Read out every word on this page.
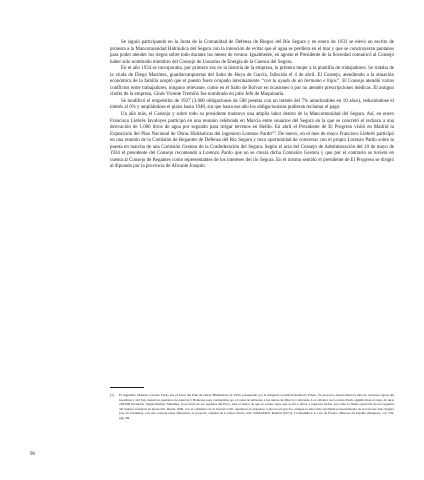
Se siguió participando en la Junta de la Comunidad de Defensa de Riegos del Río Segura y en enero de 1933 se elevó un escrito de protesta a la Mancomunidad Hidráulica del Segura con la intención de evitar que el agua se perdiera en el mar y que se construyeran pantanos para poder atender los riegos sobre todo durante los meses de verano. Igualmente, en agosto el Presidente de la Sociedad comunicó al Consejo haber sido nombrado miembro del Consejo de Usuarios de Energía de la Cuenca del Segura.

En el año 1934 se incorporaba, por primera vez en la historia de la empresa, la primera mujer a la plantilla de trabajadores. Se trataba de la viuda de Diego Martínez, guardacompuertas del Salto de Hoya de García, fallecido el 4 de abril. El Consejo, atendiendo a la situación económica de la familia aceptó que el puesto fuera ocupado interinamente “con la ayuda de un hermano e hijos”. El Consejo atendió varios conflictos entre trabajadores, ninguno relevante, como en el Salto de Bolvax en ocasiones o por no atender prescripciones médicas. El antiguo chofer de la empresa, Ginés Vicente Tremiño fue nombrado en julio Jefe de Maquinaria.

Se modificó el empréstito de 1927 (3.000 obligaciones de 500 pesetas con un interés del 7% amortizables en 10 años), reduciéndose el interés al 6% y ampliándose el plazo hasta 1948, sin que hasta ese año los obligacionistas pudieran reclamar el pago.

Un año más, el Consejo y sobre todo su presidente mantuvo una amplia labor dentro de la Mancomunidad del Segura. Así, en enero Francisco Llebrés Iavaloyes participó en una reunión celebrada en Murcia entre usuarios del Segura en la que se concretó el rechazo a una derivación de 1.000 litros de agua por segundo para irrigar terrenos en Hellín. En abril el Presidente de El Progreso visitó en Madrid la Exposición del Plan Nacional de Obras Hidráulicas del ingeniero Lorenzo Pardo$^{(1)}$. De nuevo, en el mes de mayo Francisco Llebrés participó en una reunión de la Comisión de Regantes de Defensa del Río Segura y tuvo oportunidad de conversar con el propio Lorenzo Pardo sobre la puesta en marcha de una Comisión Gestora de la Confederación del Segura. Según el acta del Consejo de Administración del 10 de mayo de 1934 el presidente del Consejo recomendó a Lorenzo Pardo que no se creara dicha Comisión Gestora y que por el contrario se tuviera en cuenta al Consejo de Regantes como representantes de los intereses del río Segura. En el mismo sentido el presidente de El Progreso se dirigió al diputado por la provincia de Alicante Joaquín

(1) El ingeniero Manuel Lorenzo Pardo fue el autor del Plan de Obras Hidráulicas de 1933, presentado por el dirigente socialista Indalecio Prieto. Su proyecto desarrollaba la idea de trasvasar aguas del Guadiana y del Tajo desde los pantanos de Alarcón y Bolarque para conducirlas por el canal de Albacete a las tierras de Murcia y Alicante. Los cálculos de Lorenzo Pardo significaban el riego de unas 238.000 hectáreas. Según Ramón Tamames, la protesta de los regantes del Ebro, ante el temor de que se restara agua que se iba a llevar a regiones áridas, así como la firme oposición de los regantes del Segura, frenaron su ejecución. Desde 1936, con el comienzo de la Guerra Civil, quedaron en suspenso todos los proyectos, aunque la idea sería retomada posteriormente en el trasvase Tajo-Segura (ver en volumen), con tres concepciones diferentes, el proyecto original de Lorenzo Pardo. Vid. TAMAMES, Ramón (1973), La República. La era de Franco. Historia de España Alfaguara, vol. VII, pág. 88.

96
